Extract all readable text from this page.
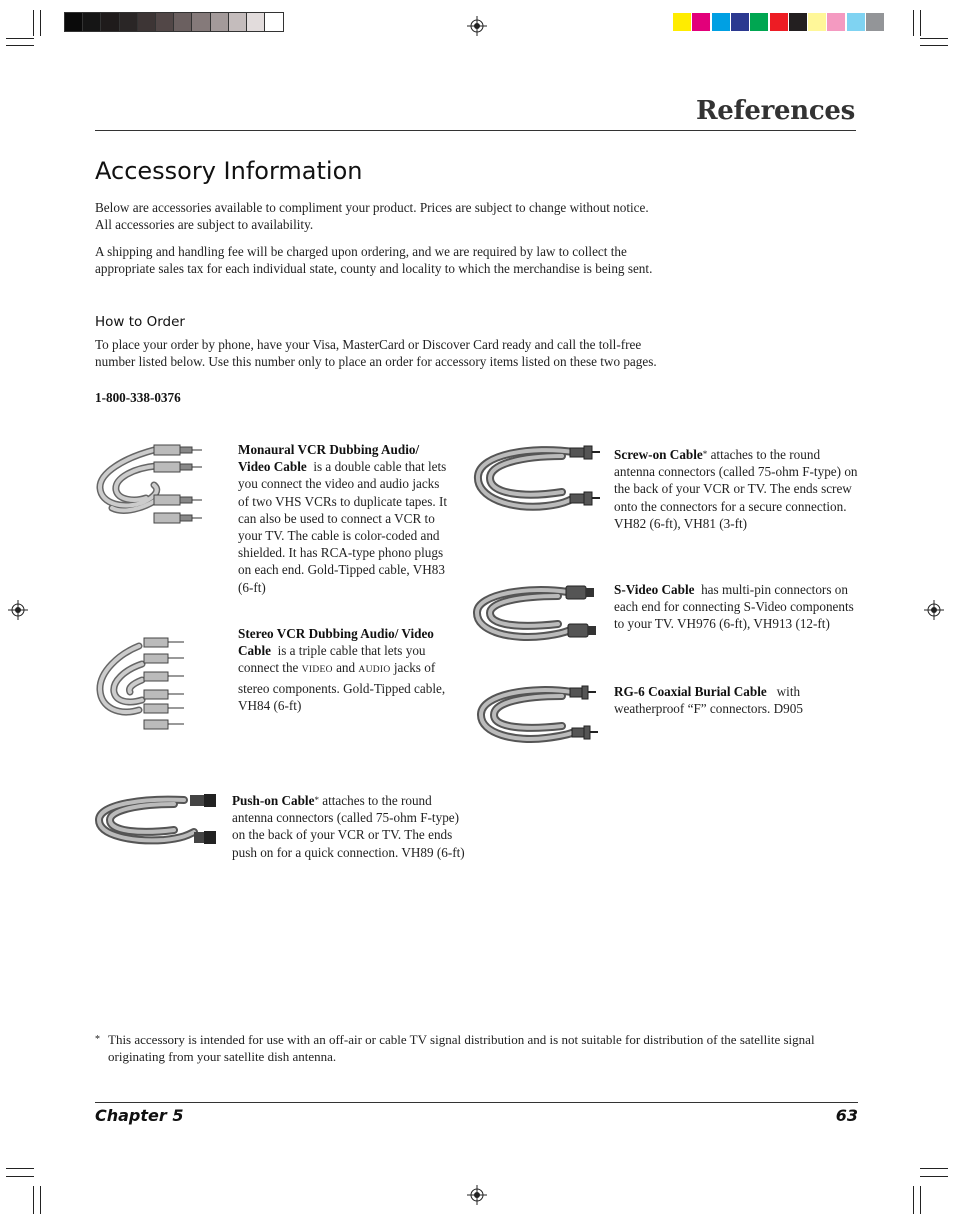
References
Accessory Information
Below are accessories available to compliment your product. Prices are subject to change without notice. All accessories are subject to availability.
A shipping and handling fee will be charged upon ordering, and we are required by law to collect the appropriate sales tax for each individual state, county and locality to which the merchandise is being sent.
How to Order
To place your order by phone, have your Visa, MasterCard or Discover Card ready and call the toll-free number listed below. Use this number only to place an order for accessory items listed on these two pages.
1-800-338-0376
Monaural VCR Dubbing Audio/ Video Cable is a double cable that lets you connect the video and audio jacks of two VHS VCRs to duplicate tapes. It can also be used to connect a VCR to your TV. The cable is color-coded and shielded. It has RCA-type phono plugs on each end. Gold-Tipped cable, VH83 (6-ft)
Stereo VCR Dubbing Audio/ Video Cable is a triple cable that lets you connect the VIDEO and AUDIO jacks of stereo components. Gold-Tipped cable, VH84 (6-ft)
Push-on Cable* attaches to the round antenna connectors (called 75-ohm F-type) on the back of your VCR or TV. The ends push on for a quick connection. VH89 (6-ft)
Screw-on Cable* attaches to the round antenna connectors (called 75-ohm F-type) on the back of your VCR or TV. The ends screw onto the connectors for a secure connection. VH82 (6-ft), VH81 (3-ft)
S-Video Cable has multi-pin connectors on each end for connecting S-Video components to your TV. VH976 (6-ft), VH913 (12-ft)
RG-6 Coaxial Burial Cable with weatherproof “F” connectors. D905
* This accessory is intended for use with an off-air or cable TV signal distribution and is not suitable for distribution of the satellite signal originating from your satellite dish antenna.
Chapter 5	63
